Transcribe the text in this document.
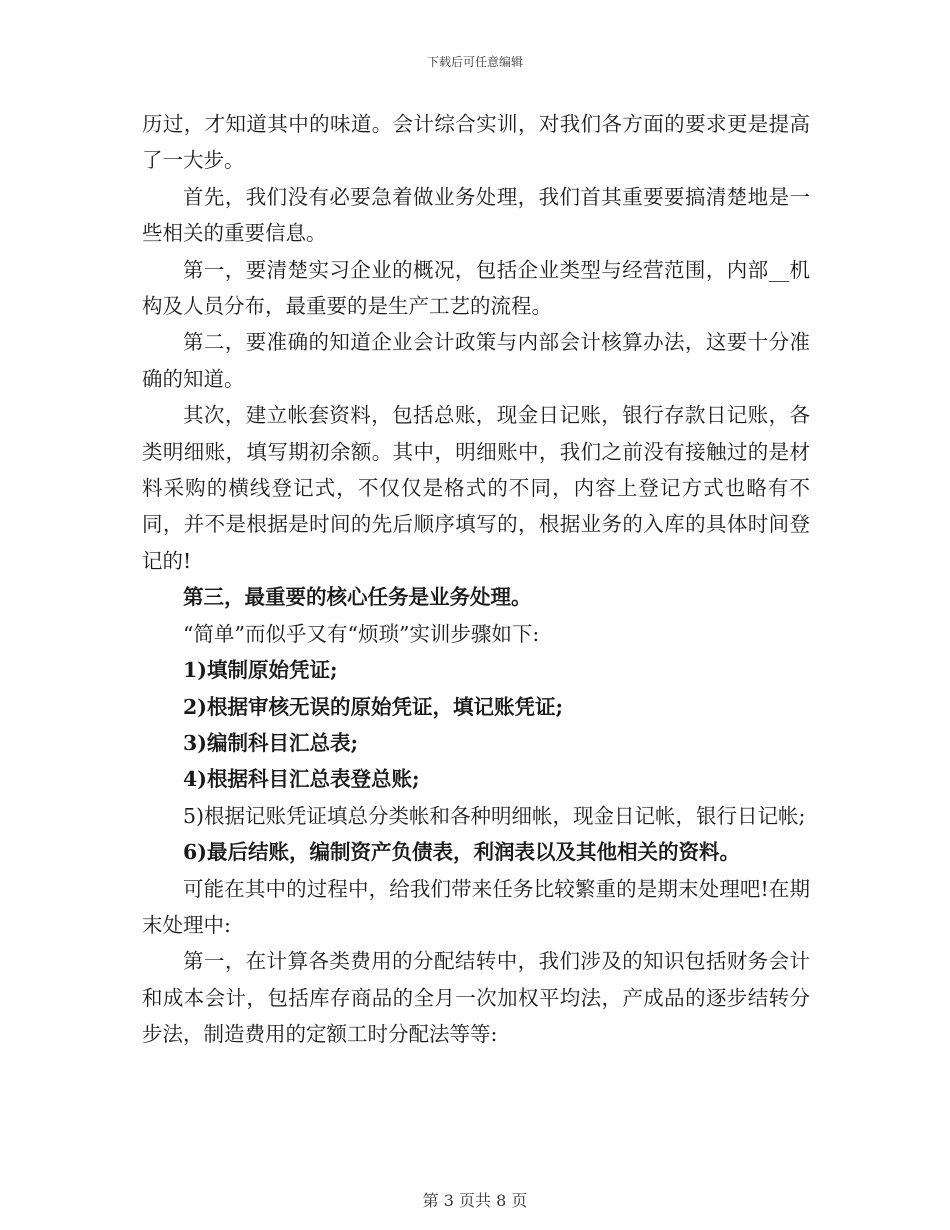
下载后可任意编辑

历过，才知道其中的味道。会计综合实训，对我们各方面的要求更是提高了一大步。

首先，我们没有必要急着做业务处理，我们首其重要要搞清楚地是一些相关的重要信息。

第一，要清楚实习企业的概况，包括企业类型与经营范围，内部__机构及人员分布，最重要的是生产工艺的流程。

第二，要准确的知道企业会计政策与内部会计核算办法，这要十分准确的知道。

其次，建立帐套资料，包括总账，现金日记账，银行存款日记账，各类明细账，填写期初余额。其中，明细账中，我们之前没有接触过的是材料采购的横线登记式，不仅仅是格式的不同，内容上登记方式也略有不同，并不是根据是时间的先后顺序填写的，根据业务的入库的具体时间登记的!

第三，最重要的核心任务是业务处理。

“简单”而似乎又有“烦琐”实训步骤如下:

1)填制原始凭证;

2)根据审核无误的原始凭证，填记账凭证;

3)编制科目汇总表;

4)根据科目汇总表登总账;

5)根据记账凭证填总分类帐和各种明细帐，现金日记帐，银行日记帐;

6)最后结账，编制资产负债表，利润表以及其他相关的资料。

可能在其中的过程中，给我们带来任务比较繁重的是期末处理吧!在期末处理中:

第一，在计算各类费用的分配结转中，我们涉及的知识包括财务会计和成本会计，包括库存商品的全月一次加权平均法，产成品的逐步结转分步法，制造费用的定额工时分配法等等:

第 3 页共 8 页
